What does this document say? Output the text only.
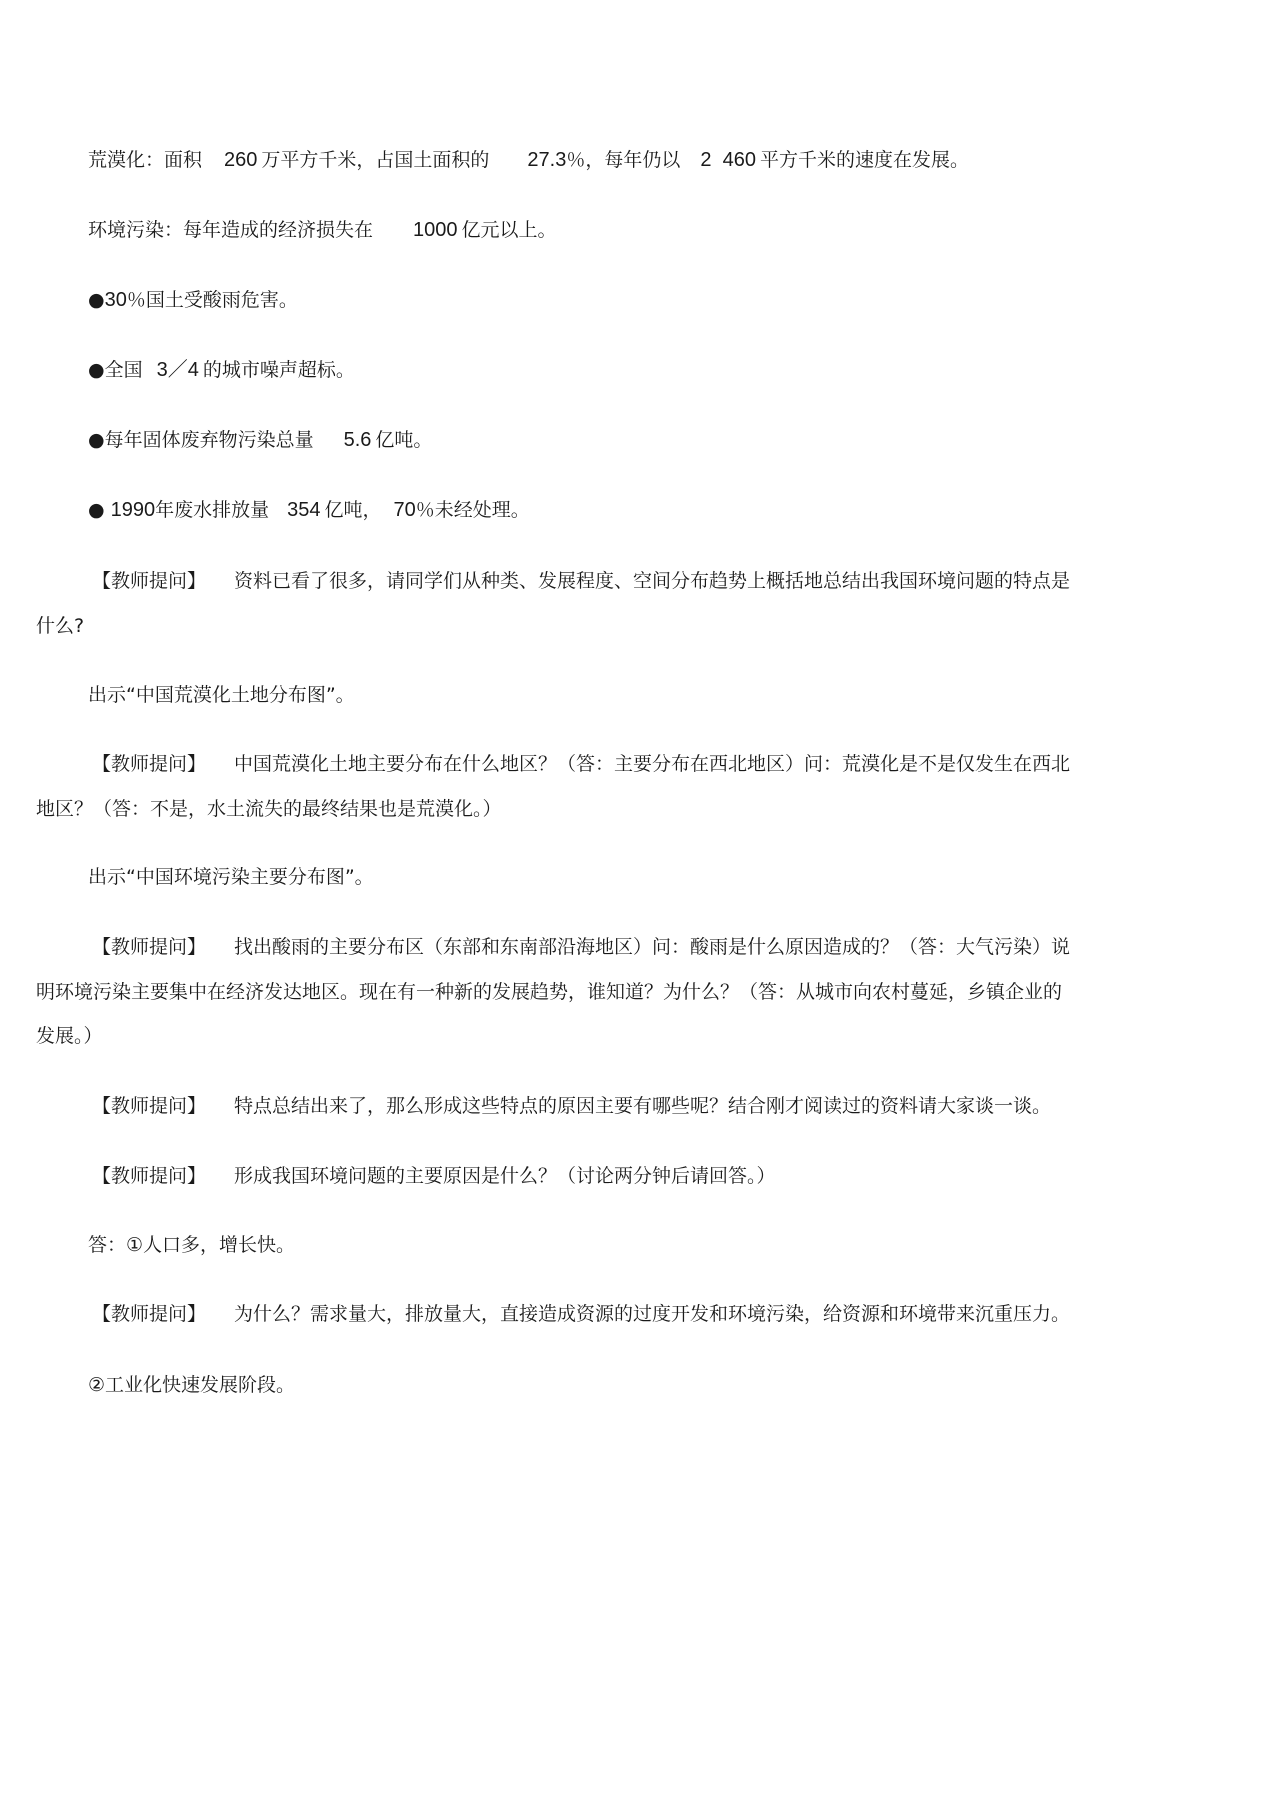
荒漠化：面积 260 万平方千米，占国土面积的 27.3％，每年仍以 2  460 平方千米的速度在发展。
环境污染：每年造成的经济损失在 1000 亿元以上。
●30％国土受酸雨危害。
●全国 3／4 的城市噪声超标。
●每年固体废弃物污染总量 5.6 亿吨。
● 1990年废水排放量 354 亿吨， 70％未经处理。
【教师提问】 资料已看了很多，请同学们从种类、发展程度、空间分布趋势上概括地总结出我国环境问题的特点是
什么?
出示“中国荒漠化土地分布图”。
【教师提问】 中国荒漠化土地主要分布在什么地区？（答：主要分布在西北地区）问：荒漠化是不是仅发生在西北
地区？（答：不是，水土流失的最终结果也是荒漠化。）
出示“中国环境污染主要分布图”。
【教师提问】 找出酸雨的主要分布区（东部和东南部沿海地区）问：酸雨是什么原因造成的？（答：大气污染）说
明环境污染主要集中在经济发达地区。现在有一种新的发展趋势，谁知道？为什么？（答：从城市向农村蔓延，乡镇企业的
发展。）
【教师提问】 特点总结出来了，那么形成这些特点的原因主要有哪些呢？结合刚才阅读过的资料请大家谈一谈。
【教师提问】 形成我国环境问题的主要原因是什么？（讨论两分钟后请回答。）
答：①人口多，增长快。
【教师提问】 为什么？需求量大，排放量大，直接造成资源的过度开发和环境污染，给资源和环境带来沉重压力。
②工业化快速发展阶段。
